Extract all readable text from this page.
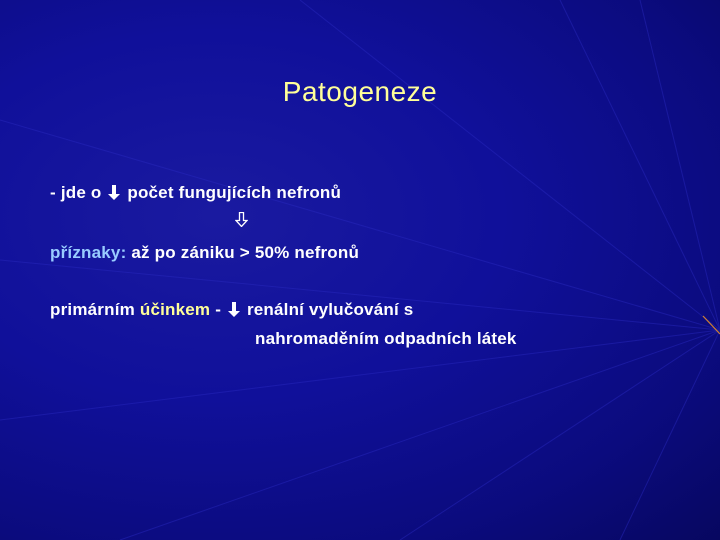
Patogeneze
- jde o počet fungujících nefronů
příznaky: až po zániku > 50% nefronů
primárním účinkem - renální vylučování s
nahromaděním odpadních látek
